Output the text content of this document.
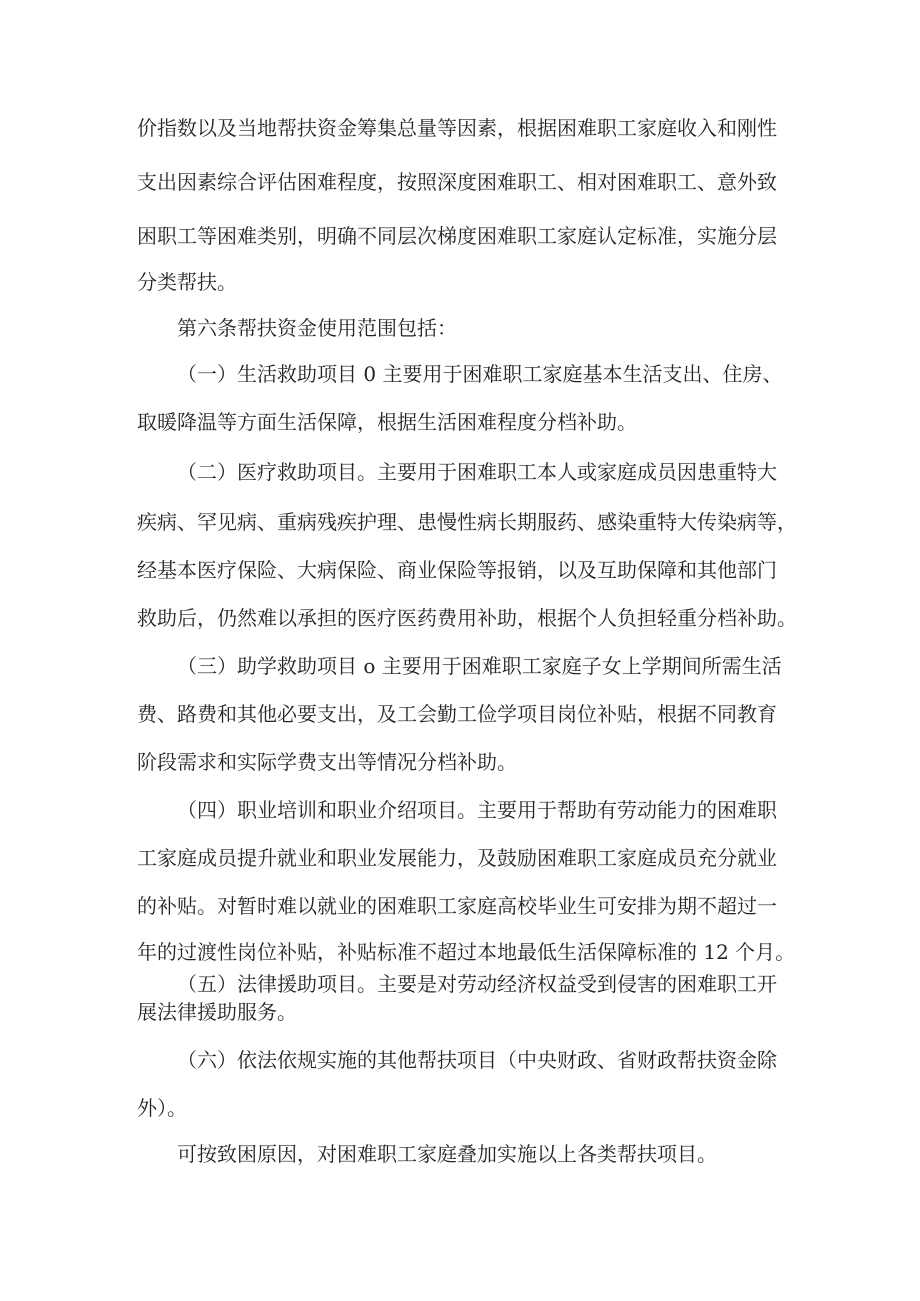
价指数以及当地帮扶资金筹集总量等因素，根据困难职工家庭收入和刚性

支出因素综合评估困难程度，按照深度困难职工、相对困难职工、意外致

困职工等困难类别，明确不同层次梯度困难职工家庭认定标准，实施分层

分类帮扶。

第六条帮扶资金使用范围包括：

（一）生活救助项目 0 主要用于困难职工家庭基本生活支出、住房、

取暖降温等方面生活保障，根据生活困难程度分档补助。

（二）医疗救助项目。主要用于困难职工本人或家庭成员因患重特大

疾病、罕见病、重病残疾护理、患慢性病长期服药、感染重特大传染病等，

经基本医疗保险、大病保险、商业保险等报销，以及互助保障和其他部门

救助后，仍然难以承担的医疗医药费用补助，根据个人负担轻重分档补助。

（三）助学救助项目 o 主要用于困难职工家庭子女上学期间所需生活

费、路费和其他必要支出，及工会勤工俭学项目岗位补贴，根据不同教育

阶段需求和实际学费支出等情况分档补助。

（四）职业培训和职业介绍项目。主要用于帮助有劳动能力的困难职

工家庭成员提升就业和职业发展能力，及鼓励困难职工家庭成员充分就业

的补贴。对暂时难以就业的困难职工家庭高校毕业生可安排为期不超过一

年的过渡性岗位补贴，补贴标准不超过本地最低生活保障标准的 12 个月。

（五）法律援助项目。主要是对劳动经济权益受到侵害的困难职工开

展法律援助服务。

（六）依法依规实施的其他帮扶项目（中央财政、省财政帮扶资金除

外）。

可按致困原因，对困难职工家庭叠加实施以上各类帮扶项目。
